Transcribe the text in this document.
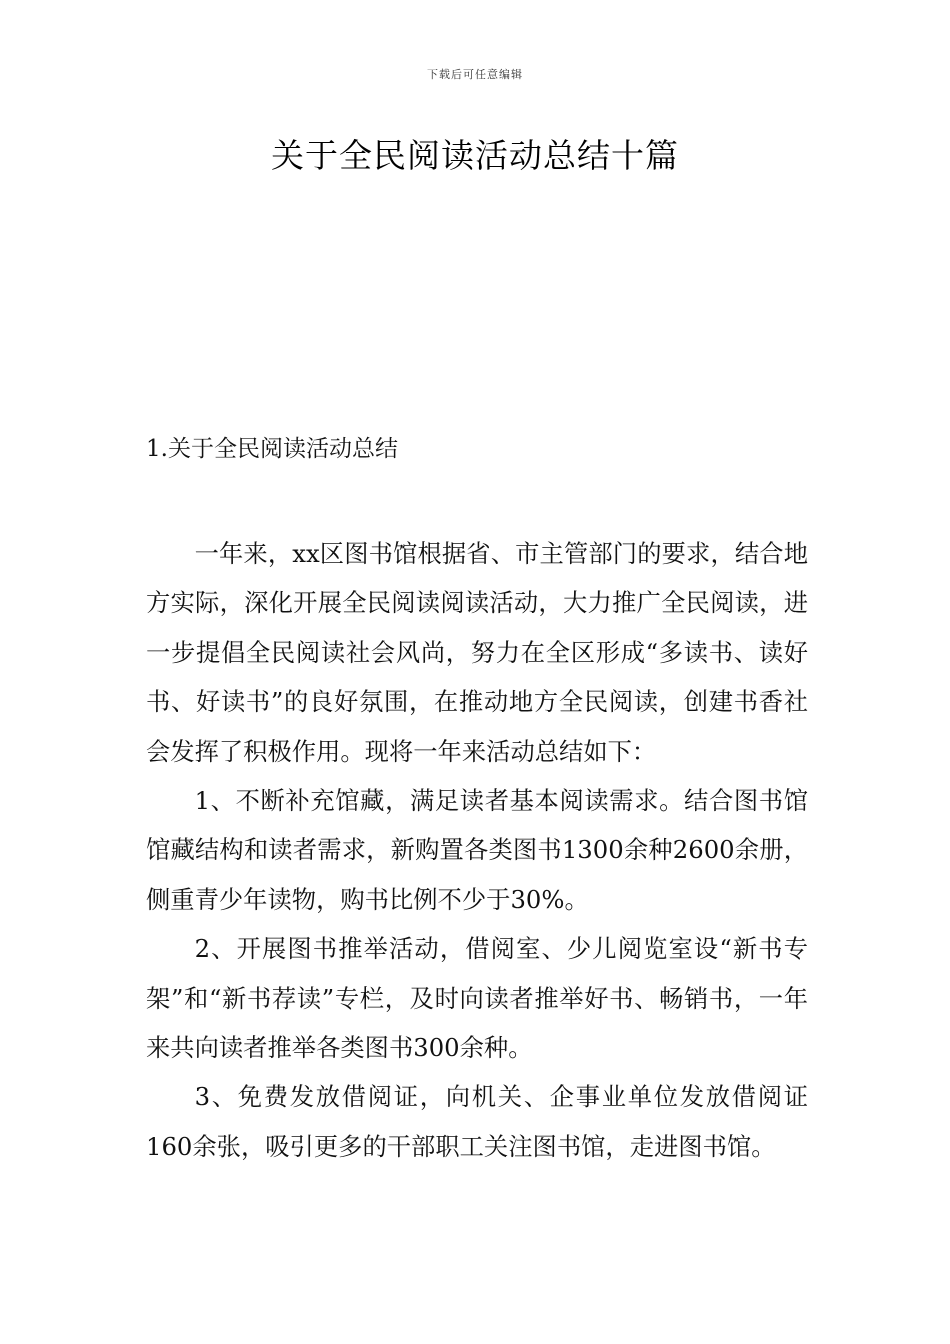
下载后可任意编辑
关于全民阅读活动总结十篇
1.关于全民阅读活动总结

一年来，xx区图书馆根据省、市主管部门的要求，结合地方实际，深化开展全民阅读阅读活动，大力推广全民阅读，进一步提倡全民阅读社会风尚，努力在全区形成“多读书、读好书、好读书”的良好氛围，在推动地方全民阅读，创建书香社会发挥了积极作用。现将一年来活动总结如下：

1、不断补充馆藏，满足读者基本阅读需求。结合图书馆馆藏结构和读者需求，新购置各类图书1300余种2600余册，侧重青少年读物，购书比例不少于30%。

2、开展图书推举活动，借阅室、少儿阅览室设“新书专架”和“新书荐读”专栏，及时向读者推举好书、畅销书，一年来共向读者推举各类图书300余种。

3、免费发放借阅证，向机关、企事业单位发放借阅证160余张，吸引更多的干部职工关注图书馆，走进图书馆。
